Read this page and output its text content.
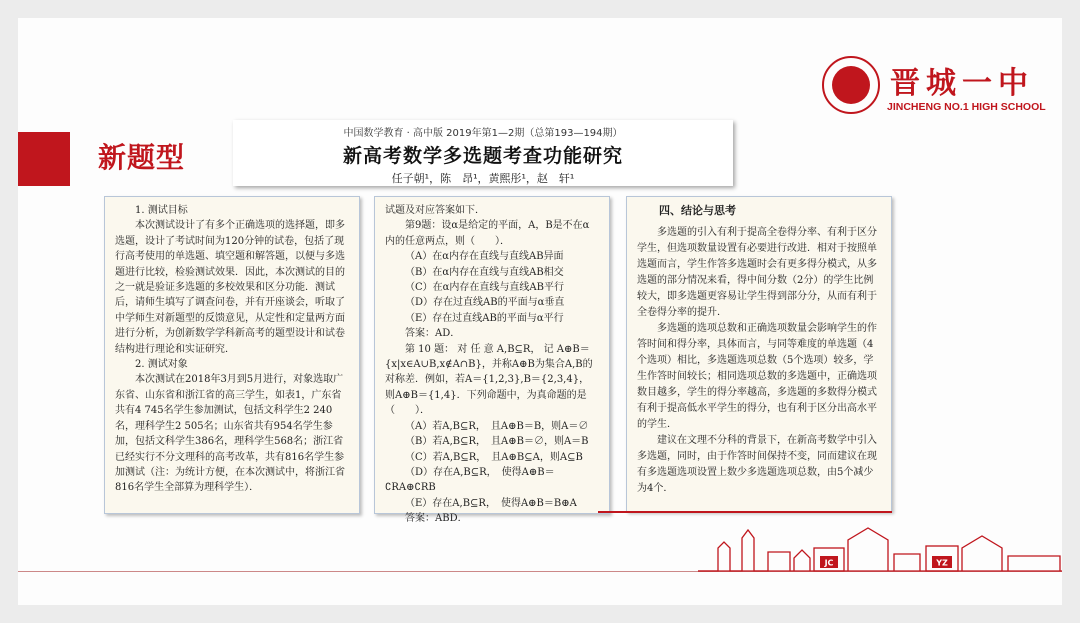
新题型
晋城一中
JINCHENG NO.1 HIGH SCHOOL
中国数学教育 · 高中版 2019年第1—2期（总第193—194期）
新高考数学多选题考查功能研究
任子朝¹，陈　昂¹，黄熙彤¹，赵　轩¹

1. 测试目标

本次测试设计了有多个正确选项的选择题，即多选题，设计了考试时间为120分钟的试卷，包括了现行高考使用的单选题、填空题和解答题，以便与多选题进行比较，检验测试效果．因此，本次测试的目的之一就是验证多选题的多校效果和区分功能．测试后，请师生填写了调查问卷，并有开座谈会，听取了中学师生对新题型的反馈意见，从定性和定量两方面进行分析，为创新数学学科新高考的题型设计和试卷结构进行理论和实证研究．

2. 测试对象

本次测试在2018年3月到5月进行，对象选取广东省、山东省和浙江省的高三学生，如表1，广东省共有4 745名学生参加测试，包括文科学生2 240名，理科学生2 505名；山东省共有954名学生参加，包括文科学生386名，理科学生568名；浙江省已经实行不分文理科的高考改革，共有816名学生参加测试（注：为统计方便，在本次测试中，将浙江省816名学生全部算为理科学生）．

试题及对应答案如下．

第9题：设α是给定的平面，A，B是不在α内的任意两点，则（　　）．

（A）在α内存在直线与直线AB异面

（B）在α内存在直线与直线AB相交

（C）在α内存在直线与直线AB平行

（D）存在过直线AB的平面与α垂直

（E）存在过直线AB的平面与α平行

答案：AD．

第 10 题： 对 任 意 A,B⊆R， 记 A⊕B＝{x|x∈A∪B,x∉A∩B}，并称A⊕B为集合A,B的对称差．例如，若A＝{1,2,3},B＝{2,3,4}，则A⊕B＝{1,4}．下列命题中，为真命题的是（　　）．

（A）若A,B⊆R，　且A⊕B＝B，则A＝∅

（B）若A,B⊆R，　且A⊕B＝∅，则A＝B

（C）若A,B⊆R，　且A⊕B⊆A，则A⊆B

（D）存在A,B⊆R，　使得A⊕B＝∁RA⊕∁RB

（E）存在A,B⊆R，　使得A⊕B＝B⊕A

答案：ABD．

四、结论与思考

多选题的引入有利于提高全卷得分率、有利于区分学生，但选项数量设置有必要进行改进．相对于按照单选题而言，学生作答多选题时会有更多得分模式，从多选题的部分情况来看，得中间分数（2分）的学生比例较大，即多选题更容易让学生得到部分分，从而有利于全卷得分率的提升．

多选题的选项总数和正确选项数量会影响学生的作答时间和得分率，具体而言，与同等难度的单选题（4个选项）相比，多选题选项总数（5个选项）较多，学生作答时间较长；相同选项总数的多选题中，正确选项数目越多，学生的得分率越高，多选题的多数得分模式有利于提高低水平学生的得分，也有利于区分出高水平的学生．

建议在文理不分科的背景下，在新高考数学中引入多选题，同时，由于作答时间保持不变，同而建议在现有多选题选项设置上数少多选题选项总数，由5个减少为4个．

JC	YZ
